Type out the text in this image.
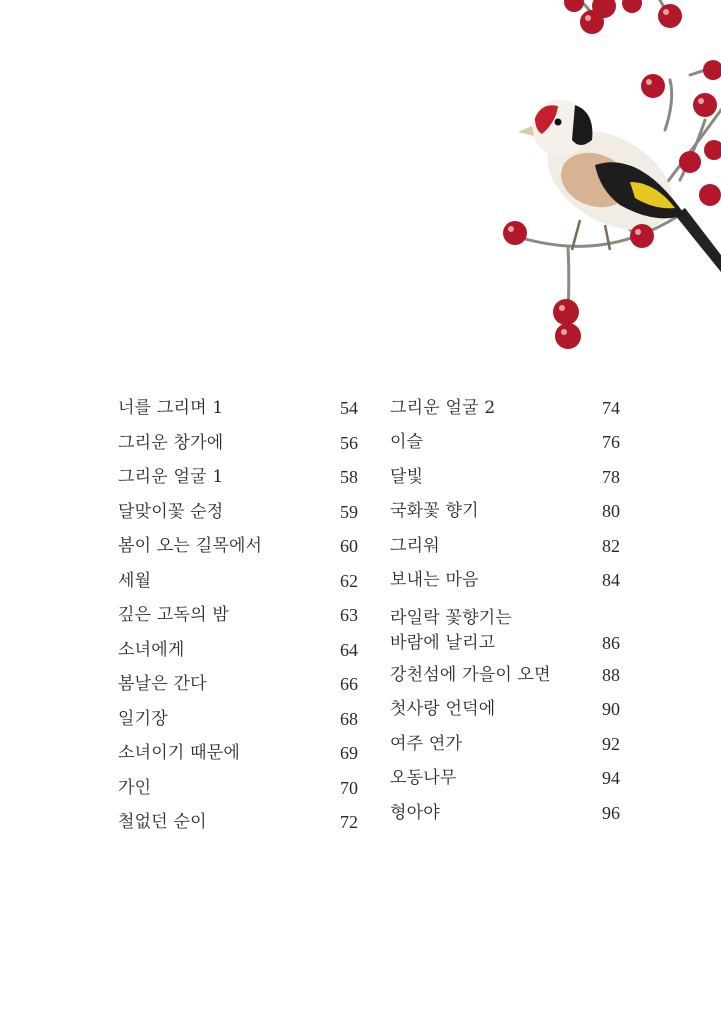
너를 그리며 1	54
그리운 창가에	56
그리운 얼굴 1	58
달맞이꽃 순정	59
봄이 오는 길목에서	60
세월	62
깊은 고독의 밤	63
소녀에게	64
봄날은 간다	66
일기장	68
소녀이기 때문에	69
가인	70
철없던 순이	72
그리운 얼굴 2	74
이슬	76
달빛	78
국화꽃 향기	80
그리워	82
보내는 마음	84
라일락 꽃향기는
바람에 날리고	86
강천섬에 가을이 오면	88
첫사랑 언덕에	90
여주 연가	92
오동나무	94
형아야	96
